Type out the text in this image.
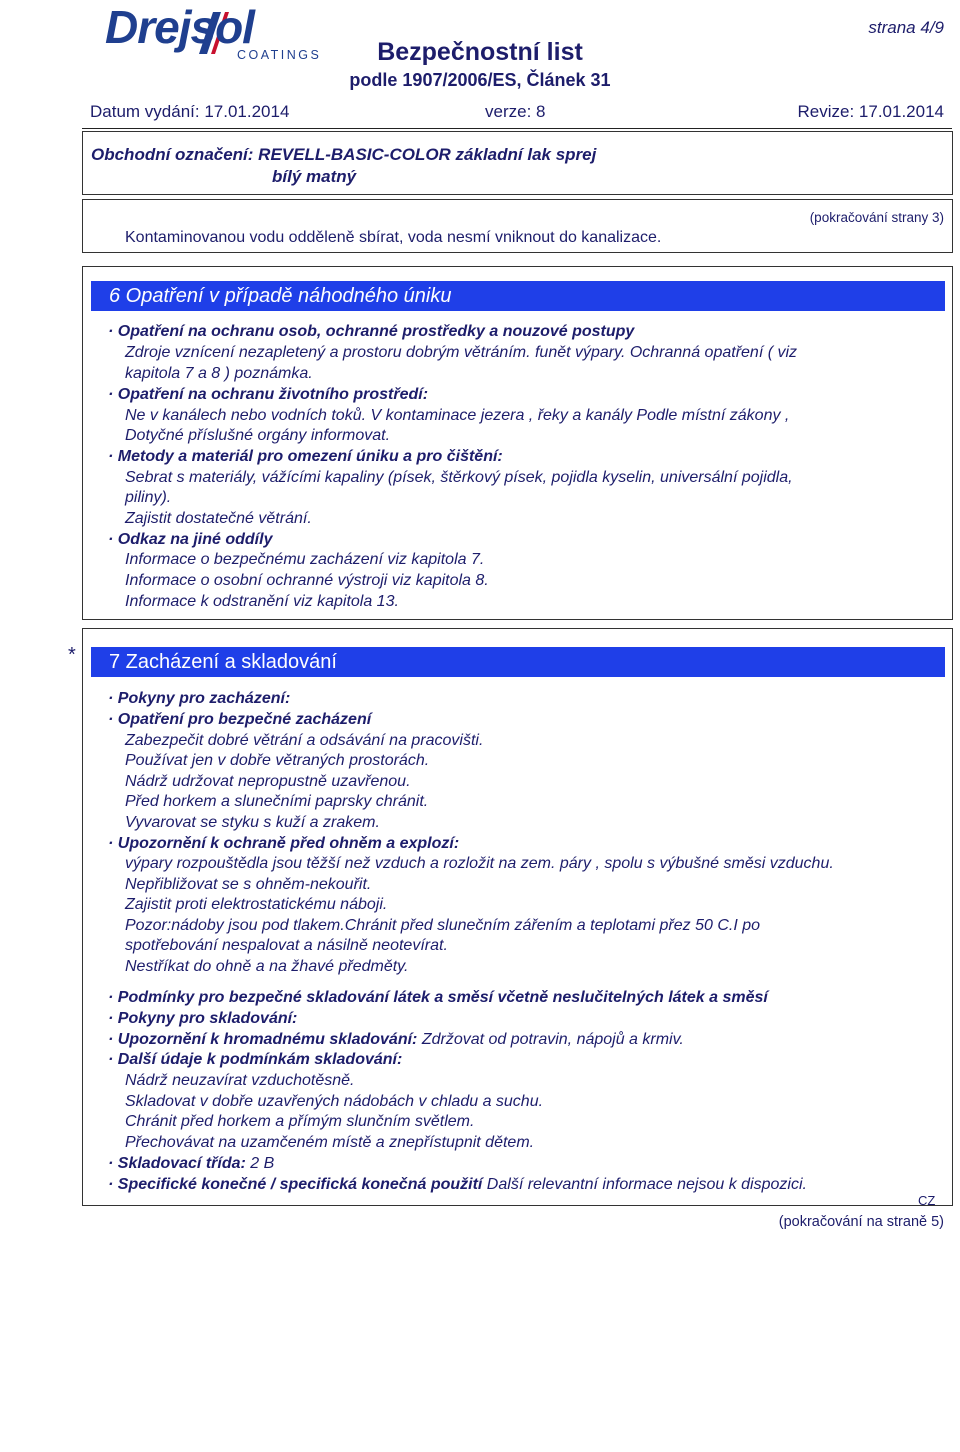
Drejsol
COATINGS
strana 4/9
Bezpečnostní list
podle 1907/2006/ES, Článek 31
Datum vydání: 17.01.2014	verze: 8	Revize: 17.01.2014
Obchodní označení: REVELL-BASIC-COLOR základní lak sprej
bílý matný
(pokračování strany 3)
Kontaminovanou vodu odděleně sbírat, voda nesmí vniknout do kanalizace.
6 Opatření v případě náhodného úniku
· Opatření na ochranu osob, ochranné prostředky a nouzové postupy
Zdroje vznícení nezapletený a prostoru dobrým větráním. funět výpary. Ochranná opatření ( viz
kapitola 7 a 8 ) poznámka.
· Opatření na ochranu životního prostředí:
Ne v kanálech nebo vodních toků. V kontaminace jezera , řeky a kanály Podle místní zákony ,
Dotyčné příslušné orgány informovat.
· Metody a materiál pro omezení úniku a pro čištění:
Sebrat s materiály, vážícími kapaliny (písek, štěrkový písek, pojidla kyselin, universální pojidla,
piliny).
Zajistit dostatečné větrání.
· Odkaz na jiné oddíly
Informace o bezpečnému zacházení viz kapitola 7.
Informace o osobní ochranné výstroji viz kapitola 8.
Informace k odstranění viz kapitola 13.
*	7 Zacházení a skladování
· Pokyny pro zacházení:
· Opatření pro bezpečné zacházení
Zabezpečit dobré větrání a odsávání na pracovišti.
Používat jen v dobře větraných prostorách.
Nádrž udržovat nepropustně uzavřenou.
Před horkem a slunečními paprsky chránit.
Vyvarovat se styku s kuží a zrakem.
· Upozornění k ochraně před ohněm a explozí:
výpary rozpouštědla jsou těžší než vzduch a rozložit na zem. páry , spolu s výbušné směsi vzduchu.
Nepřibližovat se s ohněm-nekouřit.
Zajistit proti elektrostatickému náboji.
Pozor:nádoby jsou pod tlakem.Chránit před slunečním zářením a teplotami přez 50 C.I po
spotřebování nespalovat a násilně neotevírat.
Nestříkat do ohně a na žhavé předměty.
· Podmínky pro bezpečné skladování látek a směsí včetně neslučitelných látek a směsí
· Pokyny pro skladování:
· Upozornění k hromadnému skladování: Zdržovat od potravin, nápojů a krmiv.
· Další údaje k podmínkám skladování:
Nádrž neuzavírat vzduchotěsně.
Skladovat v dobře uzavřených nádobách v chladu a suchu.
Chránit před horkem a přímým slunčním světlem.
Přechovávat na uzamčeném místě a znepřístupnit dětem.
· Skladovací třída: 2 B
· Specifické konečné / specifická konečná použití Další relevantní informace nejsou k dispozici.
CZ
(pokračování na straně 5)
